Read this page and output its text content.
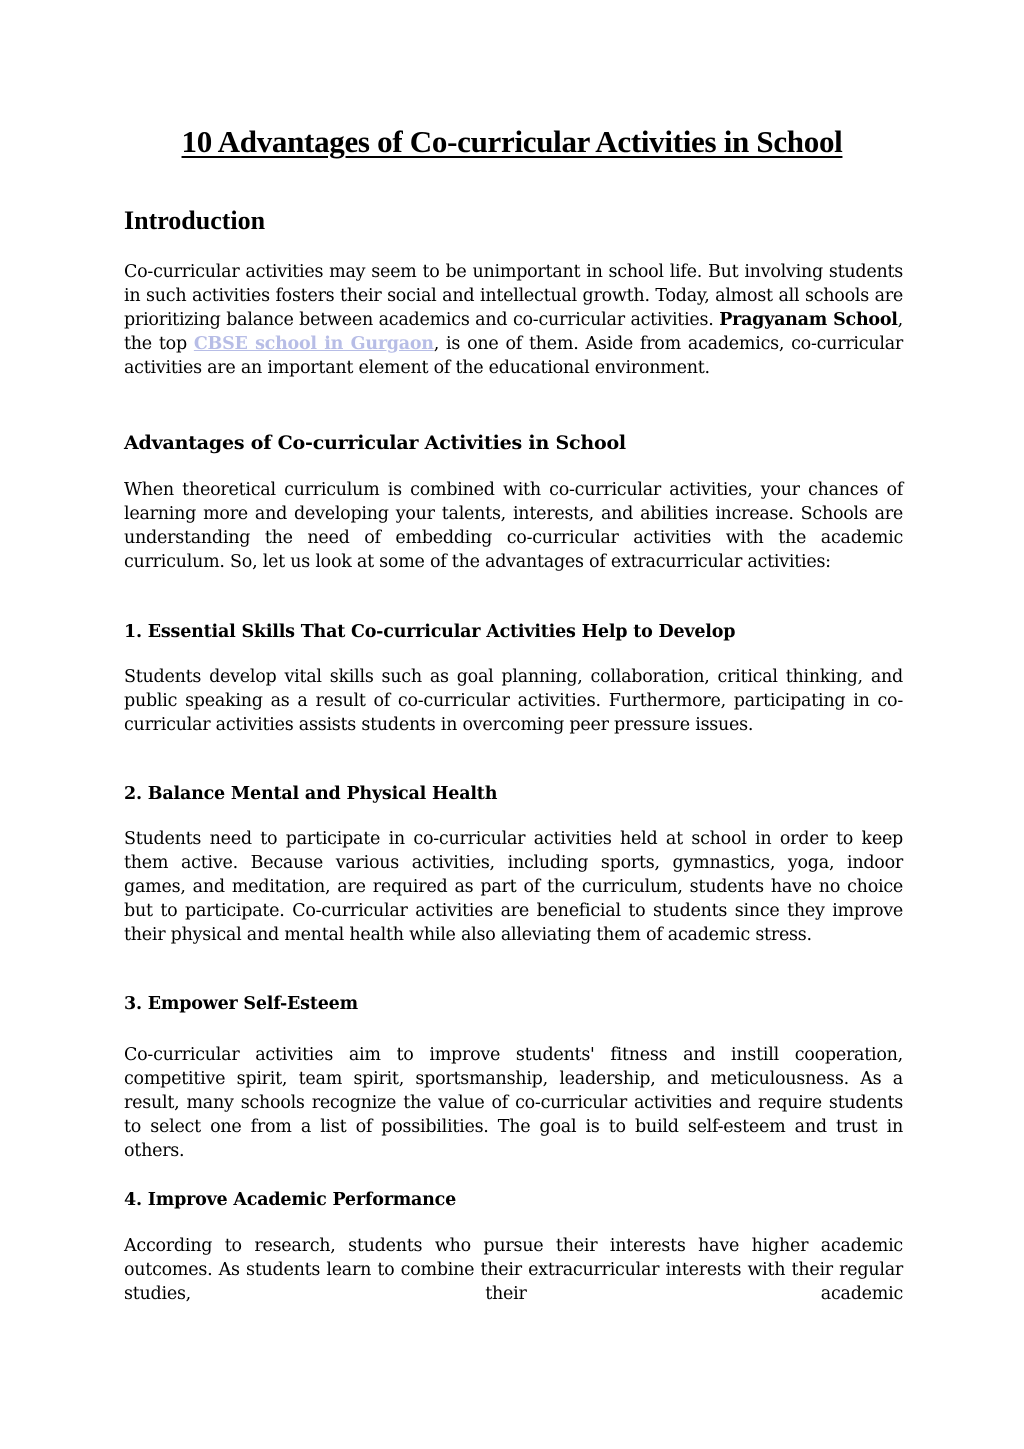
10 Advantages of Co-curricular Activities in School
Introduction

Co-curricular activities may seem to be unimportant in school life. But involving students in such activities fosters their social and intellectual growth. Today, almost all schools are prioritizing balance between academics and co-curricular activities. Pragyanam School, the top CBSE school in Gurgaon, is one of them. Aside from academics, co-curricular activities are an important element of the educational environment.

Advantages of Co-curricular Activities in School

When theoretical curriculum is combined with co-curricular activities, your chances of learning more and developing your talents, interests, and abilities increase. Schools are understanding the need of embedding co-curricular activities with the academic curriculum. So, let us look at some of the advantages of extracurricular activities:

1. Essential Skills That Co-curricular Activities Help to Develop

Students develop vital skills such as goal planning, collaboration, critical thinking, and public speaking as a result of co-curricular activities. Furthermore, participating in co-curricular activities assists students in overcoming peer pressure issues.

2. Balance Mental and Physical Health

Students need to participate in co-curricular activities held at school in order to keep them active. Because various activities, including sports, gymnastics, yoga, indoor games, and meditation, are required as part of the curriculum, students have no choice but to participate. Co-curricular activities are beneficial to students since they improve their physical and mental health while also alleviating them of academic stress.

3. Empower Self-Esteem

Co-curricular activities aim to improve students' fitness and instill cooperation, competitive spirit, team spirit, sportsmanship, leadership, and meticulousness. As a result, many schools recognize the value of co-curricular activities and require students to select one from a list of possibilities. The goal is to build self-esteem and trust in others.

4. Improve Academic Performance

According to research, students who pursue their interests have higher academic outcomes. As students learn to combine their extracurricular interests with their regular studies, their academic
